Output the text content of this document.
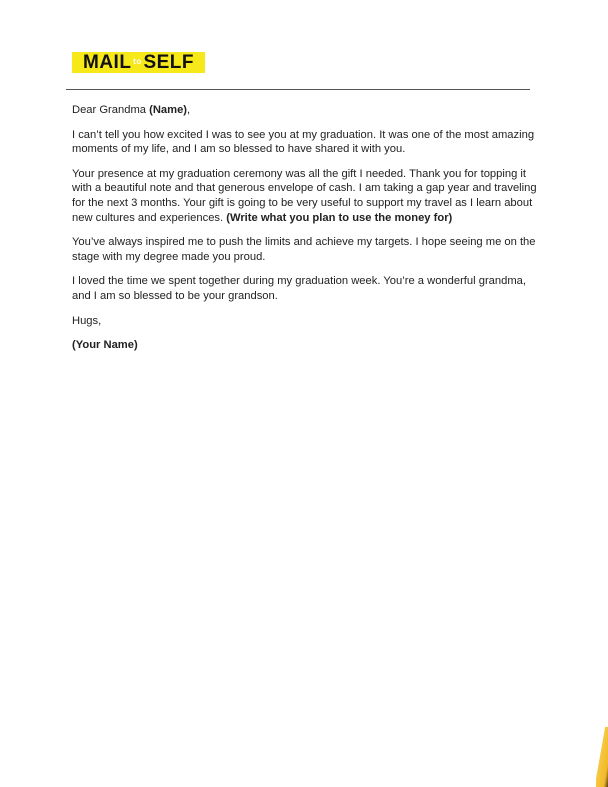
MAIL to SELF

Dear Grandma (Name),

I can’t tell you how excited I was to see you at my graduation. It was one of the most amazing moments of my life, and I am so blessed to have shared it with you.

Your presence at my graduation ceremony was all the gift I needed. Thank you for topping it with a beautiful note and that generous envelope of cash. I am taking a gap year and traveling for the next 3 months. Your gift is going to be very useful to support my travel as I learn about new cultures and experiences. (Write what you plan to use the money for)

You’ve always inspired me to push the limits and achieve my targets. I hope seeing me on the stage with my degree made you proud.

I loved the time we spent together during my graduation week. You’re a wonderful grandma, and I am so blessed to be your grandson.

Hugs,

(Your Name)
